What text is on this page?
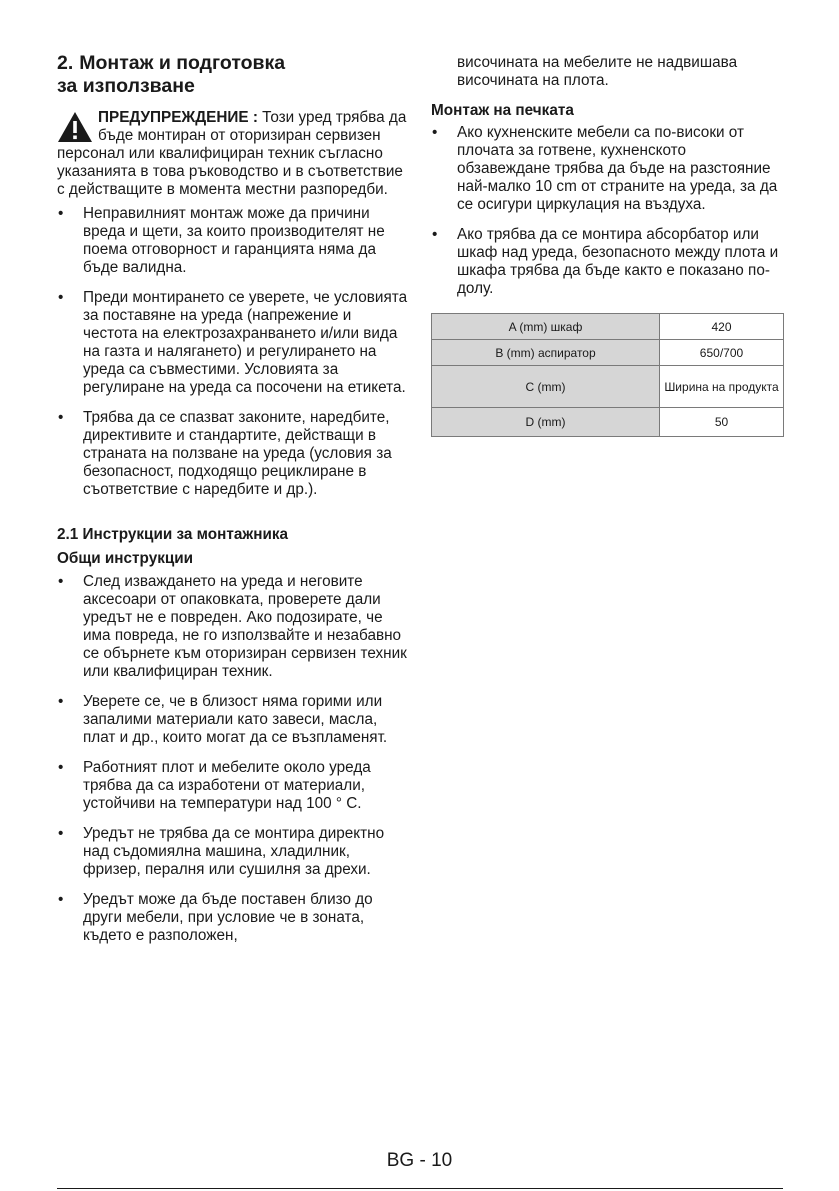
2. Монтаж и подготовка
за използване
ПРЕДУПРЕЖДЕНИЕ : Този уред трябва да бъде монтиран от оторизиран сервизен персонал или квалифициран техник съгласно указанията в това ръководство и в съответствие с действащите в момента местни разпоредби.
• Неправилният монтаж може да причини вреда и щети, за които производителят не поема отговорност и гаранцията няма да бъде валидна.
• Преди монтирането се уверете, че условията за поставяне на уреда (напрежение и честота на електрозахранването и/или вида на газта и налягането) и регулирането на уреда са съвместими. Условията за регулиране на уреда са посочени на етикета.
• Трябва да се спазват законите, наредбите, директивите и стандартите, действащи в страната на ползване на уреда (условия за безопасност, подходящо рециклиране в съответствие с наредбите и др.).
2.1 Инструкции за монтажника
Общи инструкции
• След изваждането на уреда и неговите аксесоари от опаковката, проверете дали уредът не е повреден. Ако подозирате, че има повреда, не го използвайте и незабавно се обърнете към оторизиран сервизен техник или квалифициран техник.
• Уверете се, че в близост няма горими или запалими материали като завеси, масла, плат и др., които могат да се възпламенят.
• Работният плот и мебелите около уреда трябва да са изработени от материали, устойчиви на температури над 100 ° C.
• Уредът не трябва да се монтира директно над съдомиялна машина, хладилник, фризер, пералня или сушилня за дрехи.
• Уредът може да бъде поставен близо до други мебели, при условие че в зоната, където е разположен,

височината на мебелите не надвишава височината на плота.

Монтаж на печката
• Ако кухненските мебели са по-високи от плочата за готвене, кухненското обзавеждане трябва да бъде на разстояние най-малко 10 cm от страните на уреда, за да се осигури циркулация на въздуха.
• Ако трябва да се монтира абсорбатор или шкаф над уреда, безопасното между плота и шкафа трябва да бъде както е показано по-долу.
A (mm) шкаф	420
B (mm) аспиратор	650/700
C (mm)	Ширина на продукта
D (mm)	50
BG - 10
